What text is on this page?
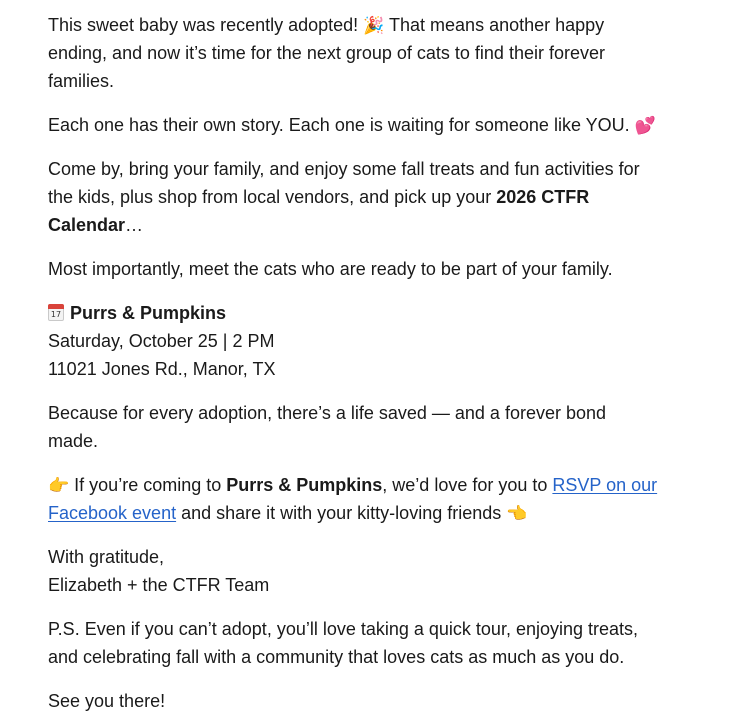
This sweet baby was recently adopted! 🎉 That means another happy ending, and now it’s time for the next group of cats to find their forever families.

Each one has their own story. Each one is waiting for someone like YOU. 💕

Come by, bring your family, and enjoy some fall treats and fun activities for the kids, plus shop from local vendors, and pick up your 2026 CTFR Calendar…

Most importantly, meet the cats who are ready to be part of your family.

17 Purrs & Pumpkins

Saturday, October 25 | 2 PM

11021 Jones Rd., Manor, TX

Because for every adoption, there’s a life saved — and a forever bond made.

👉 If you’re coming to Purrs & Pumpkins, we’d love for you to RSVP on our Facebook event and share it with your kitty-loving friends 👈

With gratitude,

Elizabeth + the CTFR Team

P.S. Even if you can’t adopt, you’ll love taking a quick tour, enjoying treats, and celebrating fall with a community that loves cats as much as you do.

See you there!
